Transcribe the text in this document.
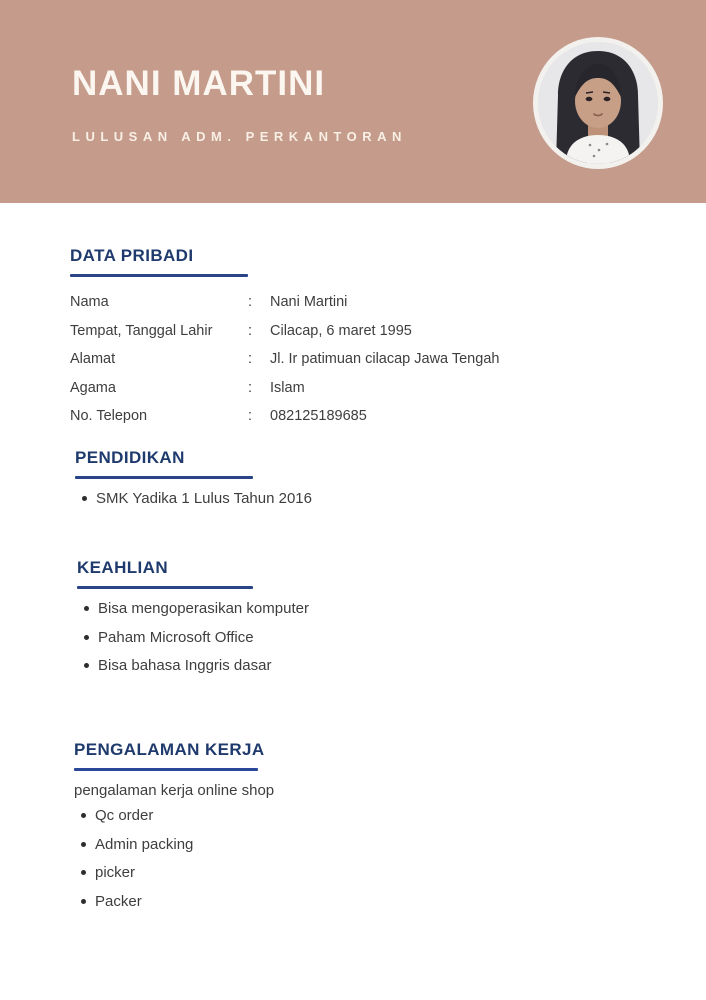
NANI MARTINI
LULUSAN ADM. PERKANTORAN
DATA PRIBADI
Nama	:	Nani Martini
Tempat, Tanggal Lahir	:	Cilacap, 6 maret 1995
Alamat	:	Jl. Ir patimuan cilacap Jawa Tengah
Agama	:	Islam
No. Telepon	:	082125189685
PENDIDIKAN
SMK Yadika 1 Lulus Tahun 2016
KEAHLIAN
Bisa mengoperasikan komputer
Paham Microsoft Office
Bisa bahasa Inggris dasar
PENGALAMAN KERJA
pengalaman kerja online shop
Qc order
Admin packing
picker
Packer
